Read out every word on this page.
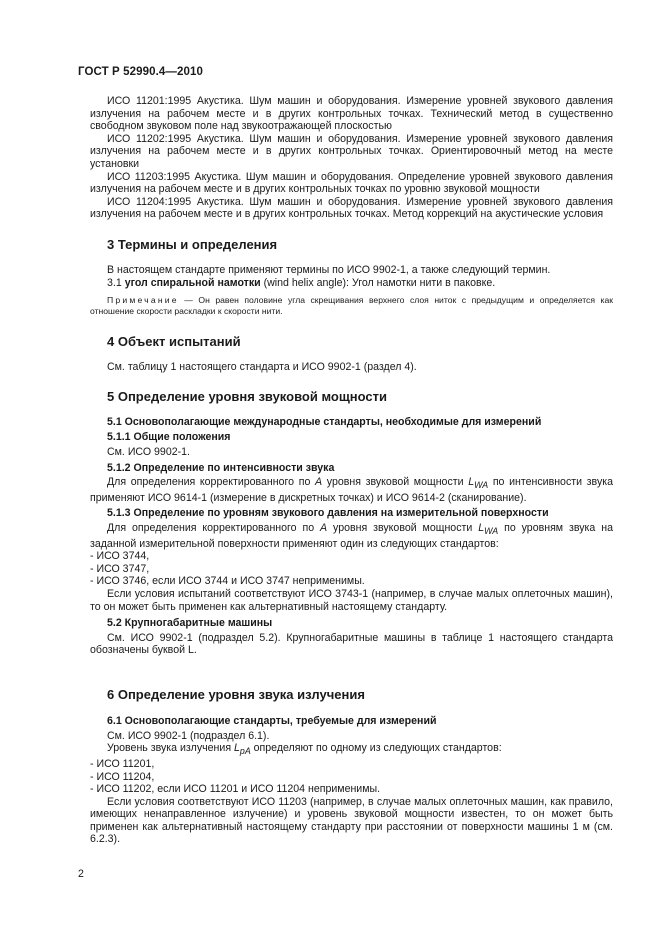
ГОСТ Р 52990.4—2010

ИСО 11201:1995 Акустика. Шум машин и оборудования. Измерение уровней звукового давления излучения на рабочем месте и в других контрольных точках. Технический метод в существенно свободном звуковом поле над звукоотражающей плоскостью

ИСО 11202:1995 Акустика. Шум машин и оборудования. Измерение уровней звукового давления излучения на рабочем месте и в других контрольных точках. Ориентировочный метод на месте установки

ИСО 11203:1995 Акустика. Шум машин и оборудования. Определение уровней звукового давления излучения на рабочем месте и в других контрольных точках по уровню звуковой мощности

ИСО 11204:1995 Акустика. Шум машин и оборудования. Измерение уровней звукового давления излучения на рабочем месте и в других контрольных точках. Метод коррекций на акустические условия

3 Термины и определения

В настоящем стандарте применяют термины по ИСО 9902-1, а также следующий термин.

3.1 угол спиральной намотки (wind helix angle): Угол намотки нити в паковке.

Примечание — Он равен половине угла скрещивания верхнего слоя ниток с предыдущим и определяется как отношение скорости раскладки к скорости нити.

4 Объект испытаний

См. таблицу 1 настоящего стандарта и ИСО 9902-1 (раздел 4).

5 Определение уровня звуковой мощности

5.1 Основополагающие международные стандарты, необходимые для измерений

5.1.1 Общие положения

См. ИСО 9902-1.

5.1.2 Определение по интенсивности звука

Для определения корректированного по А уровня звуковой мощности $L_{WA}$ по интенсивности звука применяют ИСО 9614-1 (измерение в дискретных точках) и ИСО 9614-2 (сканирование).

5.1.3 Определение по уровням звукового давления на измерительной поверхности

Для определения корректированного по А уровня звуковой мощности $L_{WA}$ по уровням звука на заданной измерительной поверхности применяют один из следующих стандартов:

- ИСО 3744,

- ИСО 3747,

- ИСО 3746, если ИСО 3744 и ИСО 3747 неприменимы.

Если условия испытаний соответствуют ИСО 3743-1 (например, в случае малых оплеточных машин), то он может быть применен как альтернативный настоящему стандарту.

5.2 Крупногабаритные машины

См. ИСО 9902-1 (подраздел 5.2). Крупногабаритные машины в таблице 1 настоящего стандарта обозначены буквой L.

6 Определение уровня звука излучения

6.1 Основополагающие стандарты, требуемые для измерений

См. ИСО 9902-1 (подраздел 6.1).

Уровень звука излучения $L_{pA}$ определяют по одному из следующих стандартов:

- ИСО 11201,

- ИСО 11204,

- ИСО 11202, если ИСО 11201 и ИСО 11204 неприменимы.

Если условия соответствуют ИСО 11203 (например, в случае малых оплеточных машин, как правило, имеющих ненаправленное излучение) и уровень звуковой мощности известен, то он может быть применен как альтернативный настоящему стандарту при расстоянии от поверхности машины 1 м (см. 6.2.3).

2
